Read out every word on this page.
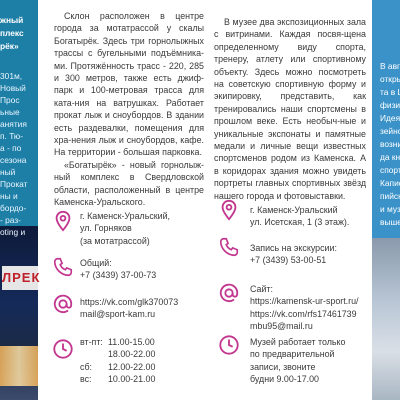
жный
плекс
рёк»
301м,
Новый
Прос
ьные
анятия
п. Тю-
а - по
сезона
ный
Прокат
ны и
бордо-
- раз-
oting и
ЛРЕК

Склон расположен в центре города за мотатрассой у скалы Богатырёк. Здесь три горнолыжных трассы с бугельными подъёмника-ми. Протяжённость трасс - 220, 285 и 300 метров, также есть джиф-парк и 100-метровая трасса для ката-ния на ватрушках. Работает прокат лыж и сноубордов. В здании есть раздевалки, помещения для хра-нения лыж и сноубордов, кафе. На территории - большая парковка.

«Богатырёк» - новый горнолыж-ный комплекс в Свердловской области, расположенный в центре Каменска-Уральского.

г. Каменск-Уральский,
ул. Горняков
(за мотатрассой)
Общий:
+7 (3439) 37-00-73
https://vk.com/glk370073
mail@sport-kam.ru
вт-пт: 11.00-15.00
18.00-22.00
сб:	12.00-22.00
вс:	10.00-21.00

В музее два экспозиционных зала с витринами. Каждая посвя-щена определенному виду спорта, тренеру, атлету или спортивному объекту. Здесь можно посмотреть на советскую спортивную форму и экипировку, представить, как тренировались наши спортсмены в прошлом веке. Есть необыч-ные и уникальные экспонаты и памятные медали и личные вещи известных спортсменов родом из Каменска. А в коридорах здания можно увидеть портреты главных спортивных звёзд нашего города и фотовыставки.

г. Каменск-Уральский
ул. Исетская, 1 (3 этаж).
Запись на экскурсии:
+7 (3439) 53-00-51
Сайт:
https://kamensk-ur-sport.ru/
https://vk.com/rfs17461739
mbu95@mail.ru
Музей работает только
по предварительной
записи, звоните
будни 9.00-17.00
В авг
открыт
та в Це
физиче
Идея
зейног
возник
да кни
спорте
Каписты
пийские
и музе
выше,
